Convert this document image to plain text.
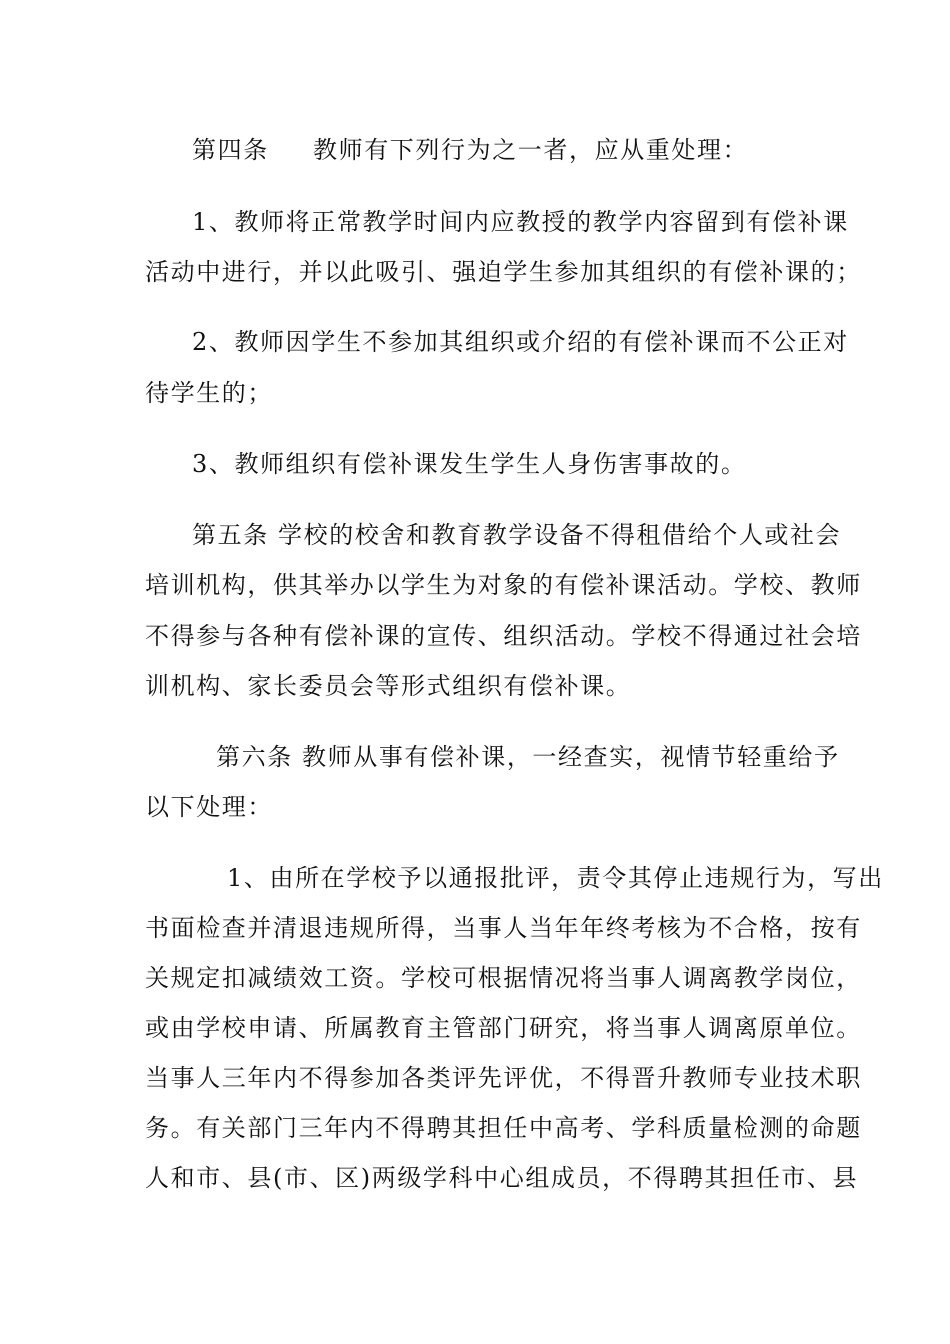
第四条 教师有下列行为之一者，应从重处理：
1、教师将正常教学时间内应教授的教学内容留到有偿补课
活动中进行，并以此吸引、强迫学生参加其组织的有偿补课的；
2、教师因学生不参加其组织或介绍的有偿补课而不公正对
待学生的；
3、教师组织有偿补课发生学生人身伤害事故的。
第五条 学校的校舍和教育教学设备不得租借给个人或社会
培训机构，供其举办以学生为对象的有偿补课活动。学校、教师
不得参与各种有偿补课的宣传、组织活动。学校不得通过社会培
训机构、家长委员会等形式组织有偿补课。
第六条 教师从事有偿补课，一经查实，视情节轻重给予
以下处理：
1、由所在学校予以通报批评，责令其停止违规行为，写出
书面检查并清退违规所得，当事人当年年终考核为不合格，按有
关规定扣减绩效工资。学校可根据情况将当事人调离教学岗位，
或由学校申请、所属教育主管部门研究，将当事人调离原单位。
当事人三年内不得参加各类评先评优，不得晋升教师专业技术职
务。有关部门三年内不得聘其担任中高考、学科质量检测的命题
人和市、县(市、区)两级学科中心组成员，不得聘其担任市、县
